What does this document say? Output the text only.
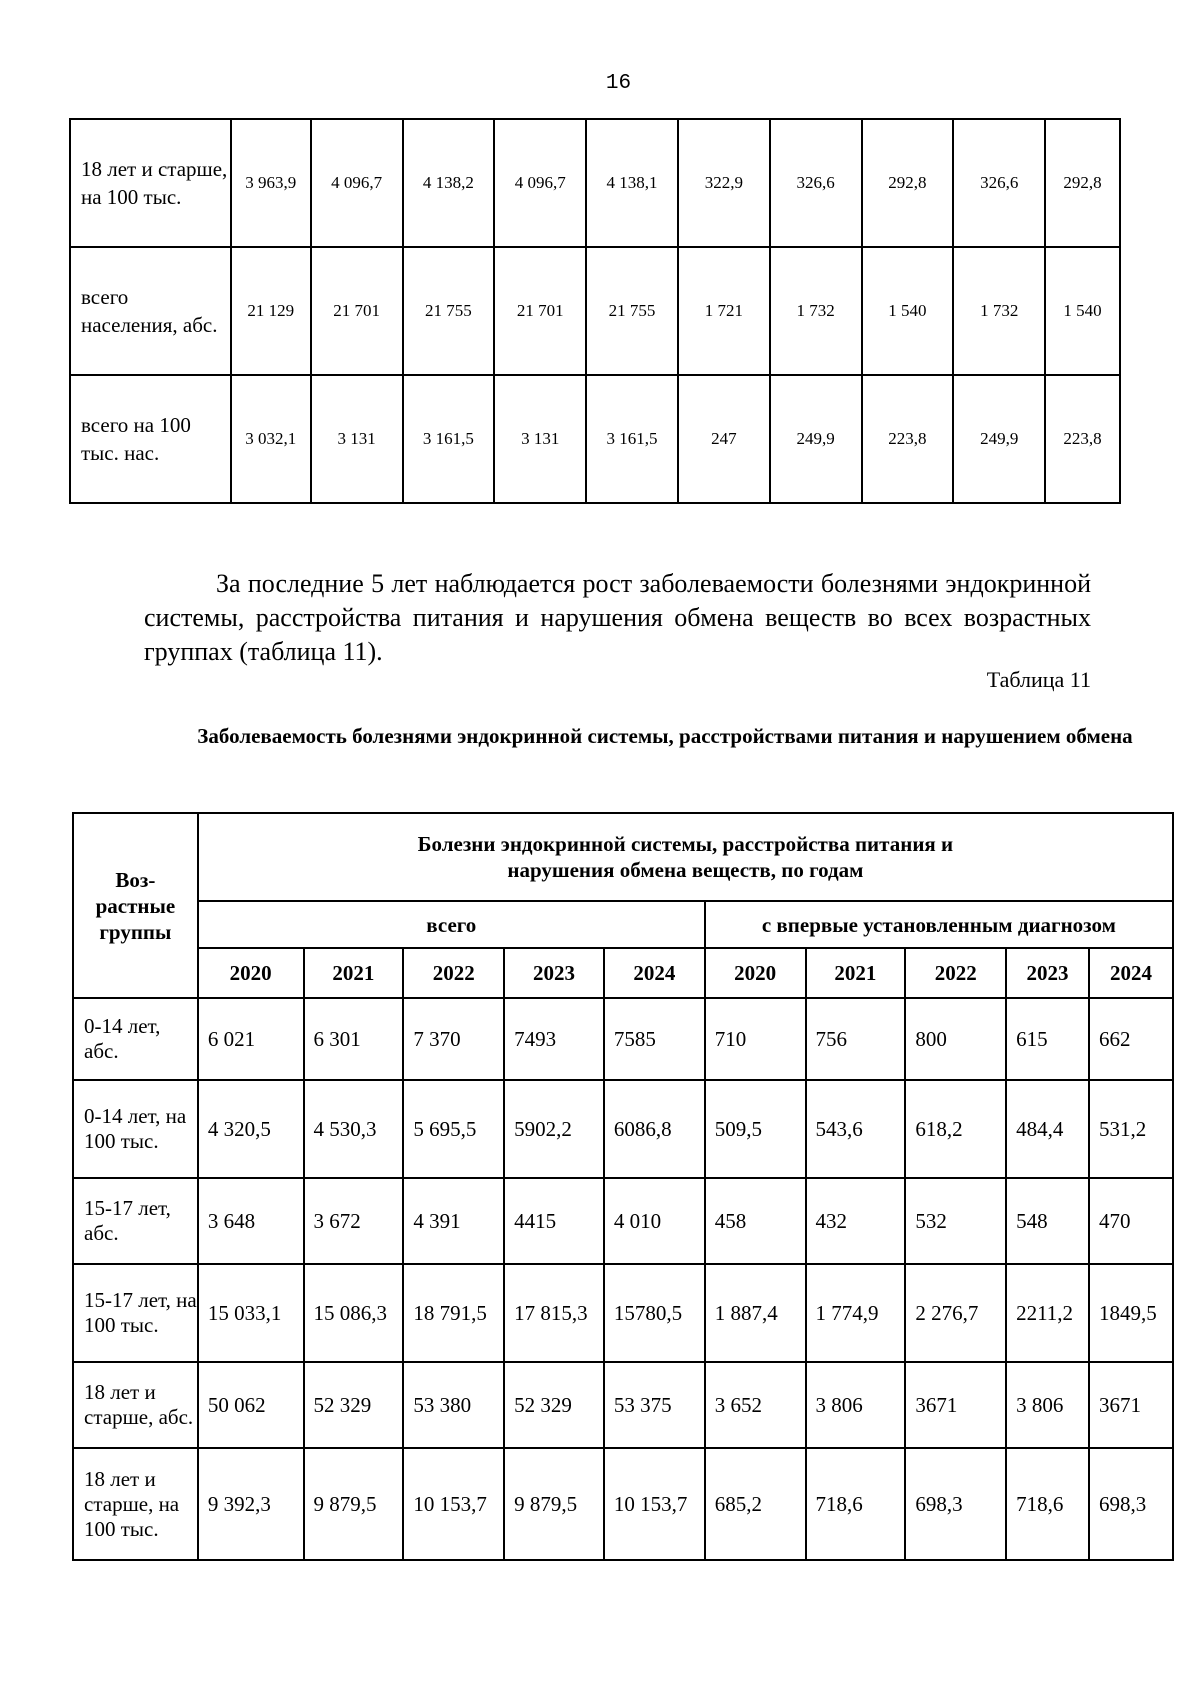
16
18 лет и старше, на 100 тыс.	3 963,9	4 096,7	4 138,2	4 096,7	4 138,1	322,9	326,6	292,8	326,6	292,8
всего населения, абс.	21 129	21 701	21 755	21 701	21 755	1 721	1 732	1 540	1 732	1 540
всего на 100 тыс. нас.	3 032,1	3 131	3 161,5	3 131	3 161,5	247	249,9	223,8	249,9	223,8
За последние 5 лет наблюдается рост заболеваемости болезнями эндокринной системы, расстройства питания и нарушения обмена веществ во всех возрастных группах (таблица 11).
Таблица 11
Заболеваемость болезнями эндокринной системы, расстройствами питания и нарушением обмена
Воз-растные группы	Болезни эндокринной системы, расстройства питания и нарушения обмена веществ, по годам									
	всего					с впервые установленным диагнозом				
	2020	2021	2022	2023	2024	2020	2021	2022	2023	2024
0-14 лет, абс.	6 021	6 301	7 370	7493	7585	710	756	800	615	662
0-14 лет, на 100 тыс.	4 320,5	4 530,3	5 695,5	5902,2	6086,8	509,5	543,6	618,2	484,4	531,2
15-17 лет, абс.	3 648	3 672	4 391	4415	4 010	458	432	532	548	470
15-17 лет, на 100 тыс.	15 033,1	15 086,3	18 791,5	17 815,3	15780,5	1 887,4	1 774,9	2 276,7	2211,2	1849,5
18 лет и старше, абс.	50 062	52 329	53 380	52 329	53 375	3 652	3 806	3671	3 806	3671
18 лет и старше, на 100 тыс.	9 392,3	9 879,5	10 153,7	9 879,5	10 153,7	685,2	718,6	698,3	718,6	698,3
